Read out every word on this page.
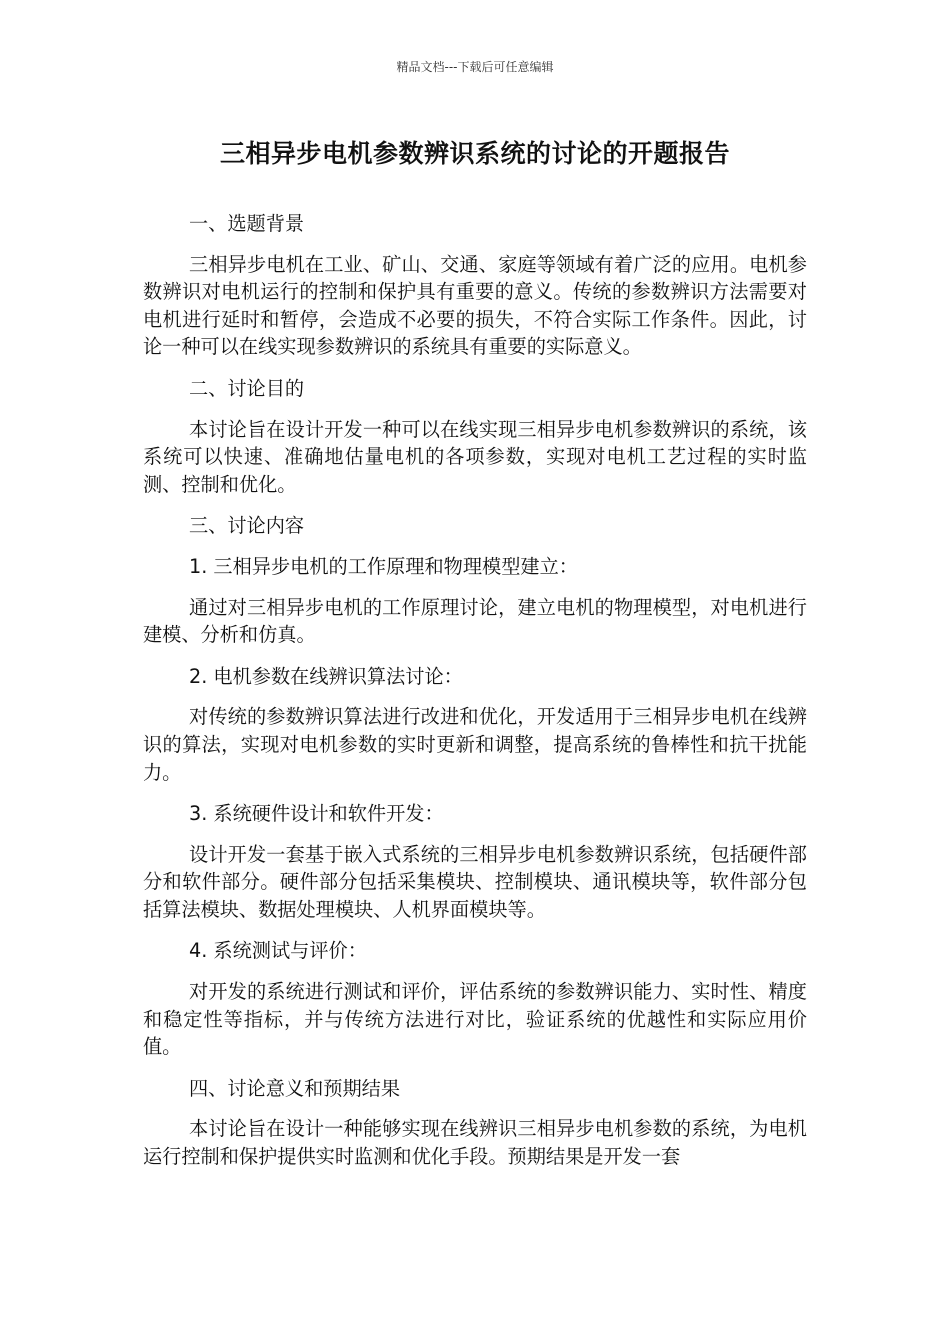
精品文档---下载后可任意编辑
三相异步电机参数辨识系统的讨论的开题报告

一、选题背景

三相异步电机在工业、矿山、交通、家庭等领域有着广泛的应用。电机参数辨识对电机运行的控制和保护具有重要的意义。传统的参数辨识方法需要对电机进行延时和暂停，会造成不必要的损失，不符合实际工作条件。因此，讨论一种可以在线实现参数辨识的系统具有重要的实际意义。

二、讨论目的

本讨论旨在设计开发一种可以在线实现三相异步电机参数辨识的系统，该系统可以快速、准确地估量电机的各项参数，实现对电机工艺过程的实时监测、控制和优化。

三、讨论内容

1. 三相异步电机的工作原理和物理模型建立：

通过对三相异步电机的工作原理讨论，建立电机的物理模型，对电机进行建模、分析和仿真。

2. 电机参数在线辨识算法讨论：

对传统的参数辨识算法进行改进和优化，开发适用于三相异步电机在线辨识的算法，实现对电机参数的实时更新和调整，提高系统的鲁棒性和抗干扰能力。

3. 系统硬件设计和软件开发：

设计开发一套基于嵌入式系统的三相异步电机参数辨识系统，包括硬件部分和软件部分。硬件部分包括采集模块、控制模块、通讯模块等，软件部分包括算法模块、数据处理模块、人机界面模块等。

4. 系统测试与评价：

对开发的系统进行测试和评价，评估系统的参数辨识能力、实时性、精度和稳定性等指标，并与传统方法进行对比，验证系统的优越性和实际应用价值。

四、讨论意义和预期结果

本讨论旨在设计一种能够实现在线辨识三相异步电机参数的系统，为电机运行控制和保护提供实时监测和优化手段。预期结果是开发一套
